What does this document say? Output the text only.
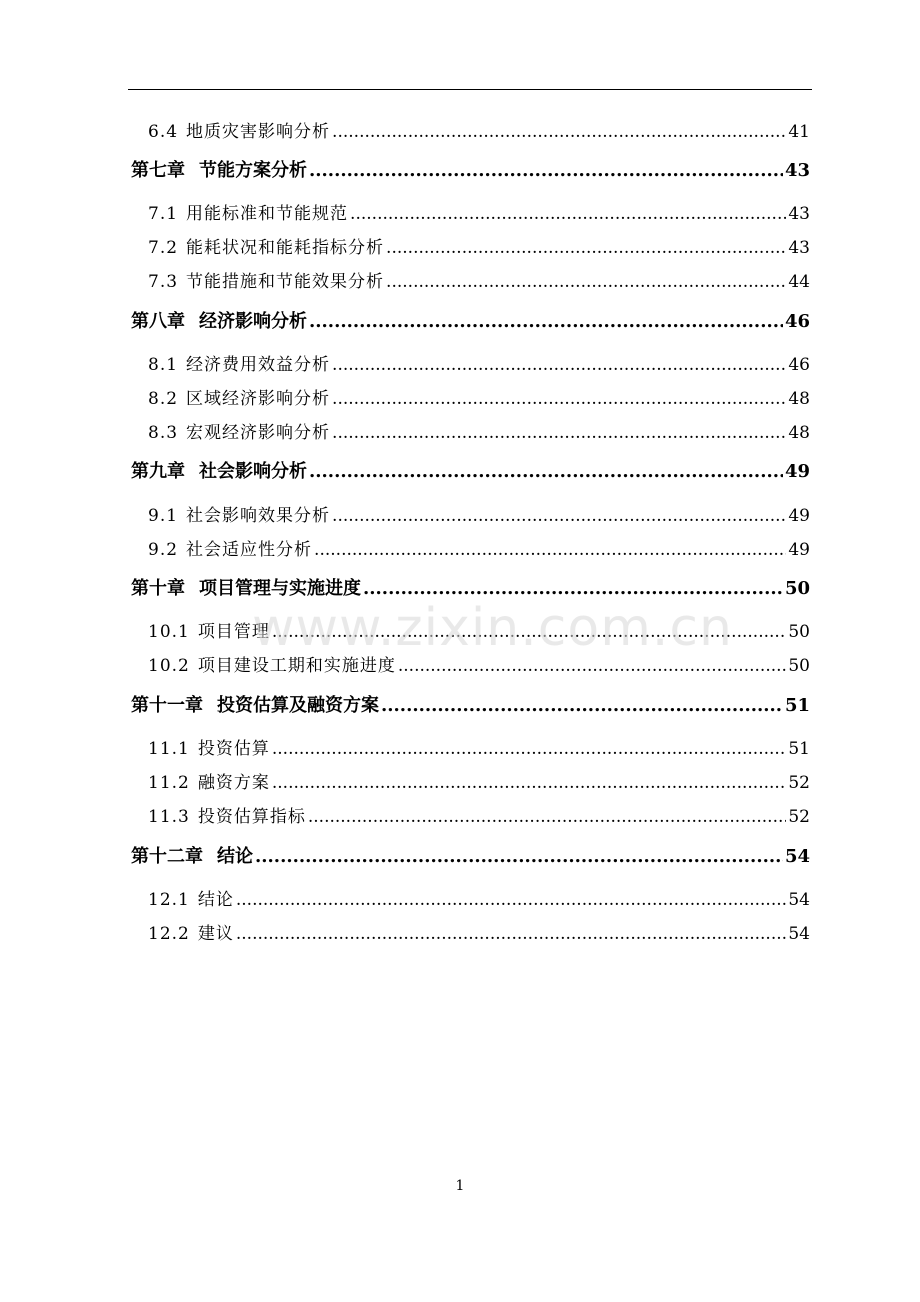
6.4 地质灾害影响分析 .....	41
第七章 节能方案分析 .....	43
7.1 用能标准和节能规范 .....	43
7.2 能耗状况和能耗指标分析 .....	43
7.3 节能措施和节能效果分析 .....	44
第八章 经济影响分析 .....	46
8.1 经济费用效益分析 .....	46
8.2 区域经济影响分析 .....	48
8.3 宏观经济影响分析 .....	48
第九章 社会影响分析 .....	49
9.1 社会影响效果分析 .....	49
9.2 社会适应性分析 .....	49
第十章 项目管理与实施进度 .....	50
10.1 项目管理 .....	50
10.2 项目建设工期和实施进度 .....	50
第十一章 投资估算及融资方案 .....	51
11.1 投资估算 .....	51
11.2 融资方案 .....	52
11.3 投资估算指标 .....	52
第十二章 结论 .....	54
12.1 结论 .....	54
12.2 建议 .....	54
www.zixin.com.cn
1
